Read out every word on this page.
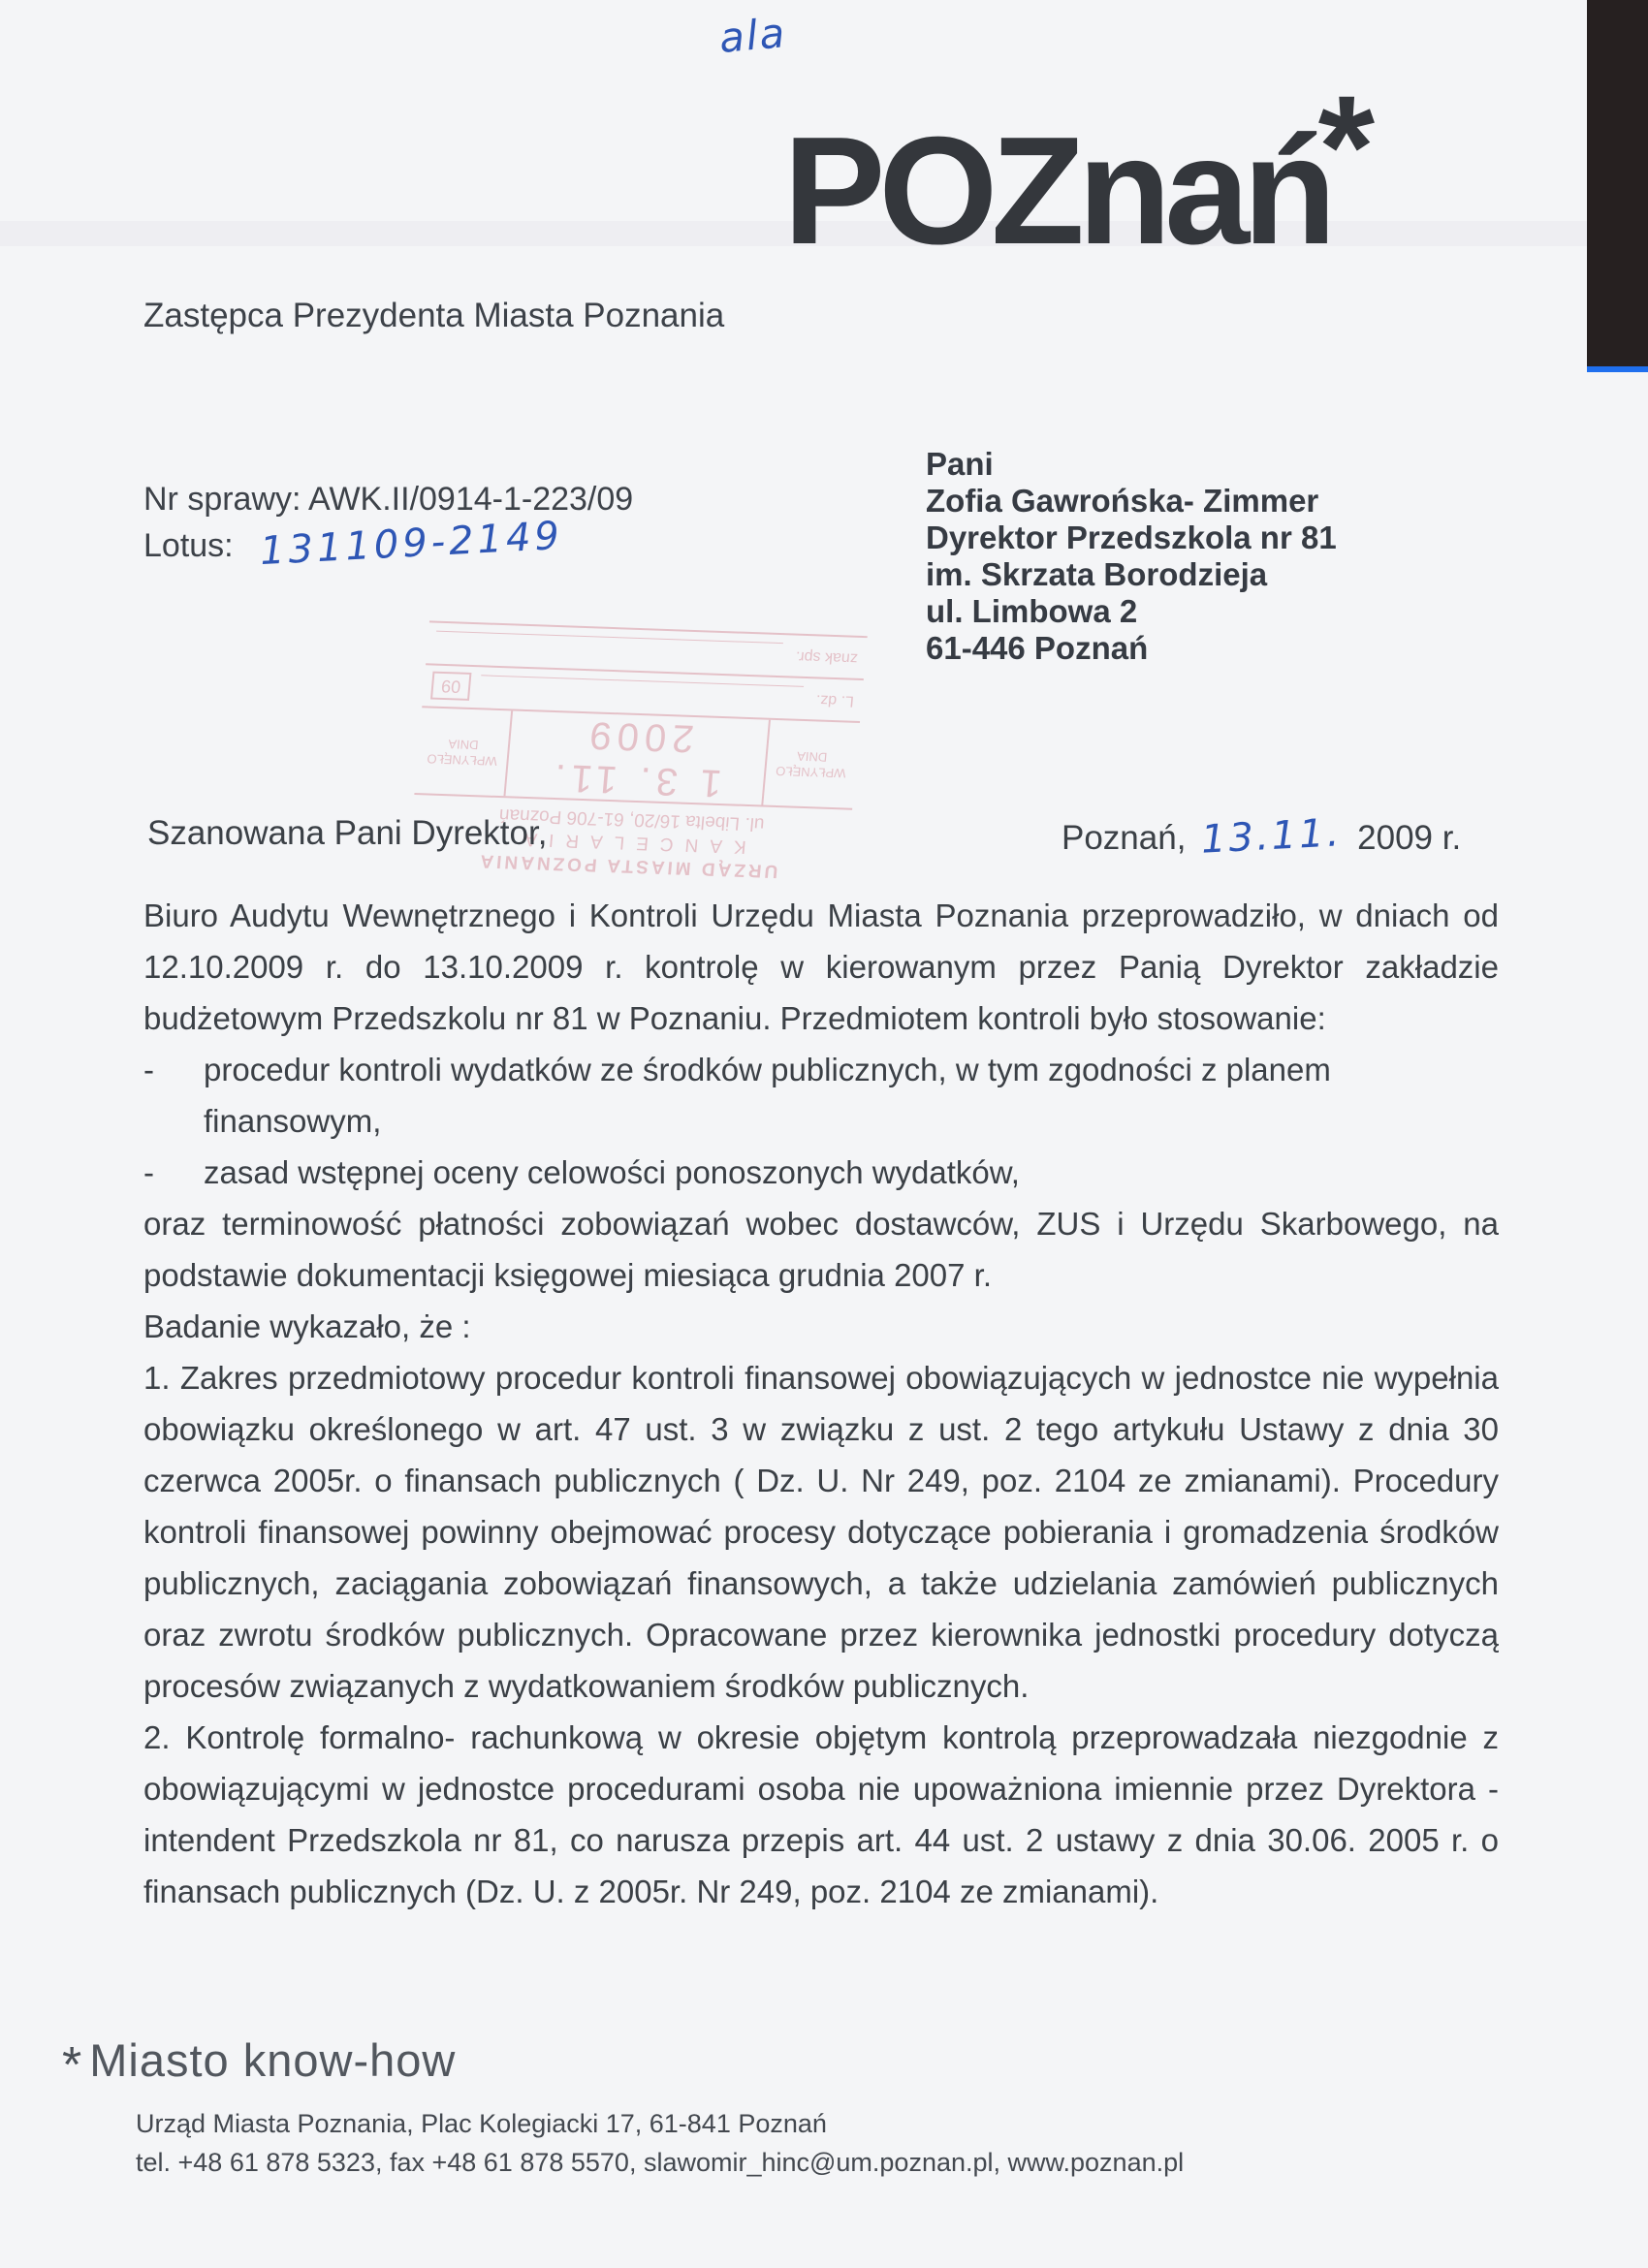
ala
POZnań*
Zastępca Prezydenta Miasta Poznania
Nr sprawy: AWK.II/0914-1-223/09
Lotus: 131109-2149
Pani
Zofia Gawrońska- Zimmer
Dyrektor Przedszkola nr 81
im. Skrzata Borodzieja
ul. Limbowa 2
61-446 Poznań
URZĄD MIASTA POZNANIA
KANCELARIA
ul. Libelta 16/20, 61-706 Poznań
WPŁYNĘŁO
DNIA
1 3. 11. 2009
WPŁYNĘŁO
DNIA
L. dz.
09
znak spr.
Szanowana Pani Dyrektor,	Poznań, 13.11. 2009 r.

Biuro Audytu Wewnętrznego i Kontroli Urzędu Miasta Poznania przeprowadziło, w dniach od 12.10.2009 r. do 13.10.2009 r. kontrolę w kierowanym przez Panią Dyrektor zakładzie budżetowym Przedszkolu nr 81 w Poznaniu. Przedmiotem kontroli było stosowanie:

-	procedur kontroli wydatków ze środków publicznych, w tym zgodności z planem finansowym,
-	zasad wstępnej oceny celowości ponoszonych wydatków,

oraz terminowość płatności zobowiązań wobec dostawców, ZUS i Urzędu Skarbowego, na podstawie dokumentacji księgowej miesiąca grudnia 2007 r.

Badanie wykazało, że :

1. Zakres przedmiotowy procedur kontroli finansowej obowiązujących w jednostce nie wypełnia obowiązku określonego w art. 47 ust. 3 w związku z ust. 2 tego artykułu Ustawy z dnia 30 czerwca 2005r. o finansach publicznych ( Dz. U. Nr 249, poz. 2104 ze zmianami). Procedury kontroli finansowej powinny obejmować procesy dotyczące pobierania i gromadzenia środków publicznych, zaciągania zobowiązań finansowych, a także udzielania zamówień publicznych oraz zwrotu środków publicznych. Opracowane przez kierownika jednostki procedury dotyczą procesów związanych z wydatkowaniem środków publicznych.

2. Kontrolę formalno- rachunkową w okresie objętym kontrolą przeprowadzała niezgodnie z obowiązującymi w jednostce procedurami osoba nie upoważniona imiennie przez Dyrektora - intendent Przedszkola nr 81, co narusza przepis art. 44 ust. 2 ustawy z dnia 30.06. 2005 r. o finansach publicznych (Dz. U. z 2005r. Nr 249, poz. 2104 ze zmianami).

* Miasto know-how
Urząd Miasta Poznania, Plac Kolegiacki 17, 61-841 Poznań
tel. +48 61 878 5323, fax +48 61 878 5570, slawomir_hinc@um.poznan.pl, www.poznan.pl
